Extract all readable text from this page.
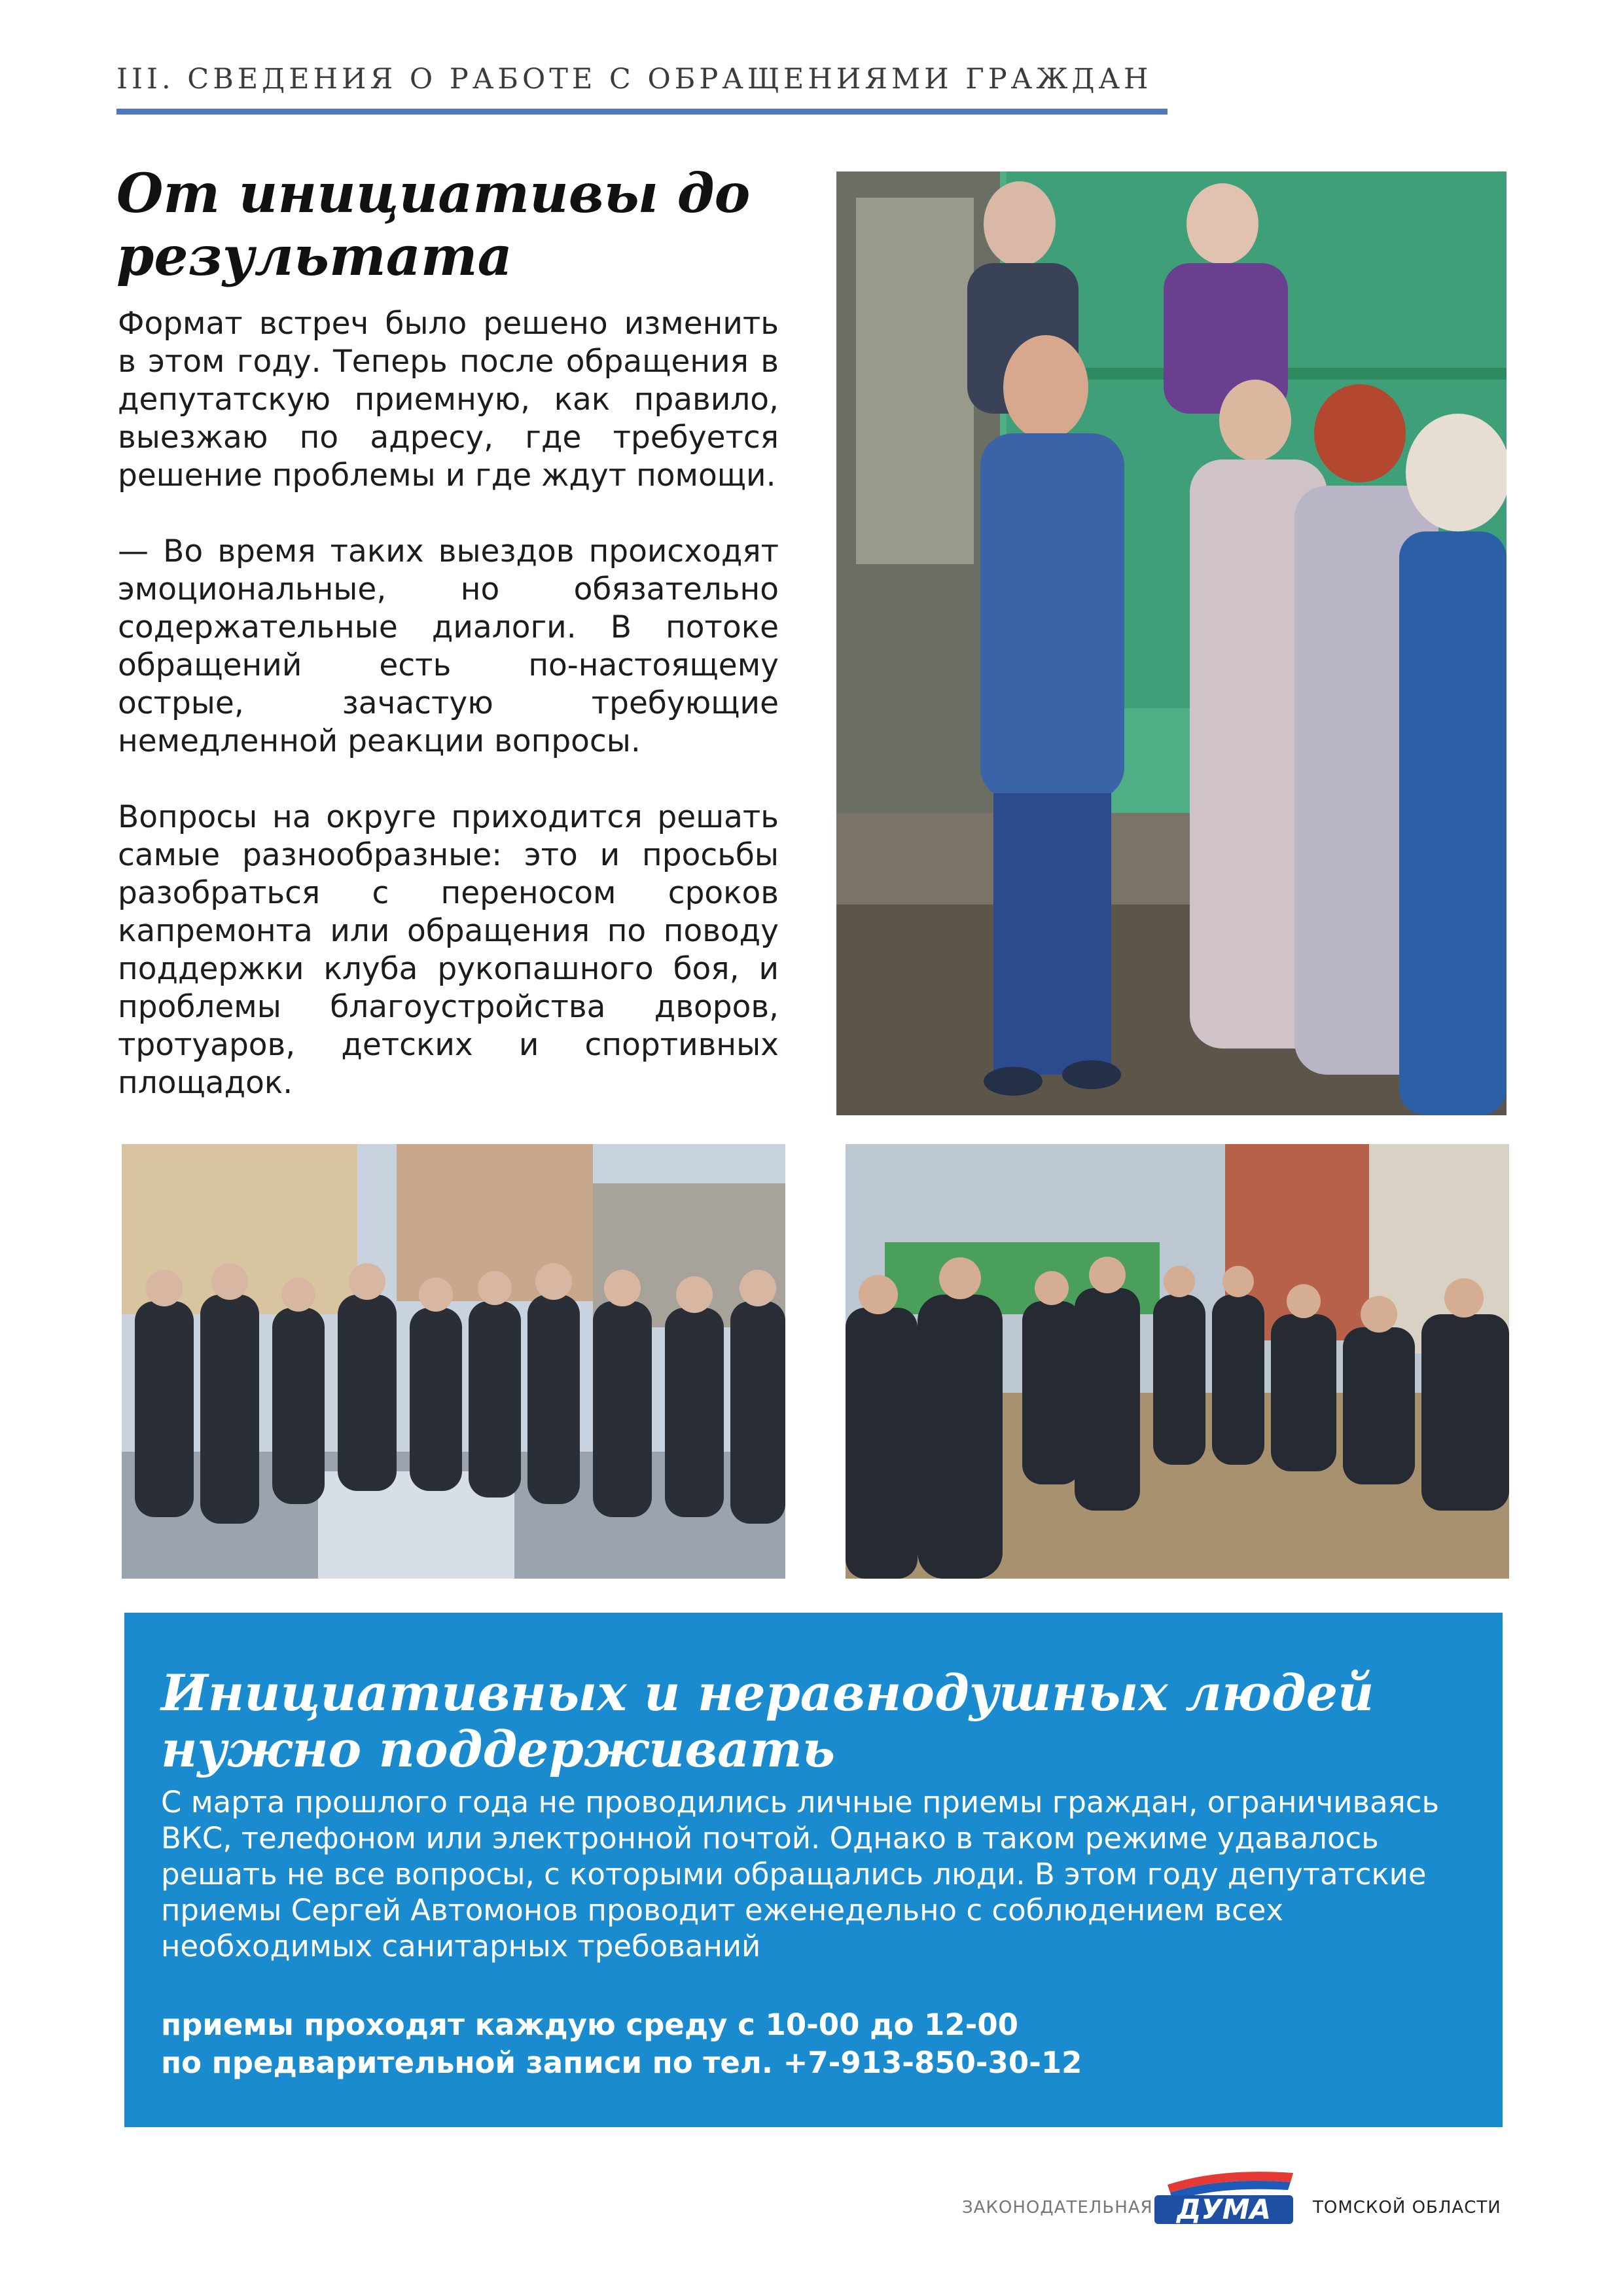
III. СВЕДЕНИЯ О РАБОТЕ С ОБРАЩЕНИЯМИ ГРАЖДАН
От инициативы до результата

Формат встреч было решено изменить в этом году. Теперь после обращения в депутатскую приемную, как правило, выезжаю по адресу, где требуется решение проблемы и где ждут помощи.

— Во время таких выездов происходят эмоциональные, но обязательно содержательные диалоги. В потоке обращений есть по-настоящему острые, зачастую требующие немедленной реакции вопросы.

Вопросы на округе приходится решать самые разнообразные: это и просьбы разобраться с переносом сроков капремонта или обращения по поводу поддержки клуба рукопашного боя, и проблемы благоустройства дворов, тротуаров, детских и спортивных площадок.

Инициативных и неравнодушных людей нужно поддерживать
С марта прошлого года не проводились личные приемы граждан, ограничиваясь ВКС, телефоном или электронной почтой. Однако в таком режиме удавалось решать не все вопросы, с которыми обращались люди. В этом году депутатские приемы Сергей Автомонов проводит еженедельно с соблюдением всех необходимых санитарных требований
приемы проходят каждую среду с 10-00 до 12-00
по предварительной записи по тел. +7-913-850-30-12
ЗАКОНОДАТЕЛЬНАЯ ДУМА ТОМСКОЙ ОБЛАСТИ
